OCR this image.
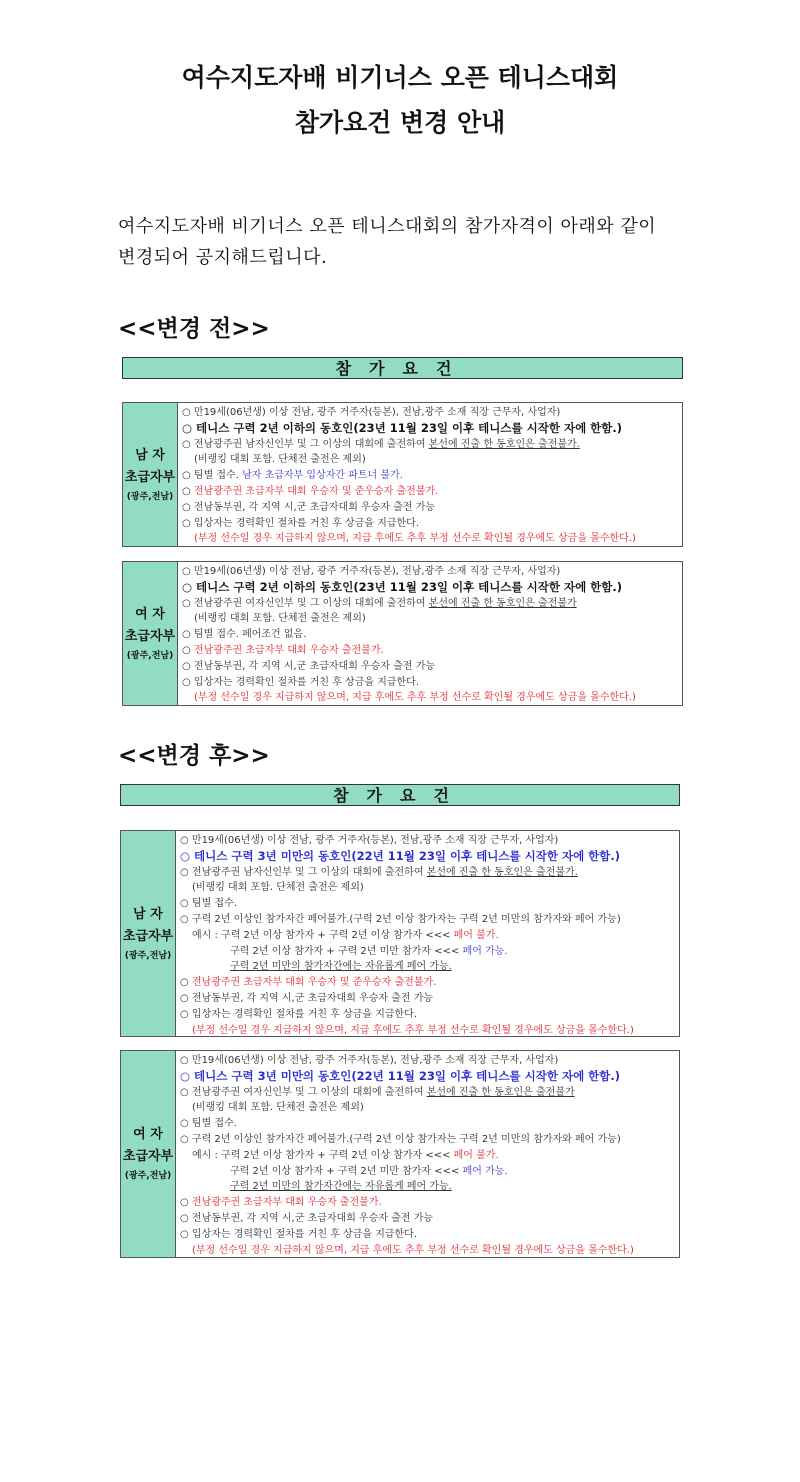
여수지도자배 비기너스 오픈 테니스대회
참가요건 변경 안내
여수지도자배 비기너스 오픈 테니스대회의 참가자격이 아래와 같이
변경되어 공지해드립니다.
<<변경 전>>
참가요건
남 자
초급자부
(광주,전남)
○ 만19세(06년생) 이상 전남, 광주 거주자(등본), 전남,광주 소재 직장 근무자, 사업자)
○ 테니스 구력 2년 이하의 동호인(23년 11월 23일 이후 테니스를 시작한 자에 한함.)
○ 전남광주권 남자신인부 및 그 이상의 대회에 출전하여 본선에 진출 한 동호인은 출전불가.
(비랭킹 대회 포함. 단체전 출전은 제외)
○ 팀별 접수. 남자 초급자부 입상자간 파트너 불가.
○ 전남광주권 초급자부 대회 우승자 및 준우승자 출전불가.
○ 전남동부권, 각 지역 시,군 초급자대회 우승자 출전 가능
○ 입상자는 경력확인 절차를 거친 후 상금을 지급한다.
(부정 선수일 경우 지급하지 않으며, 지급 후에도 추후 부정 선수로 확인될 경우에도 상금을 몰수한다.)
여 자
초급자부
(광주,전남)
○ 만19세(06년생) 이상 전남, 광주 거주자(등본), 전남,광주 소재 직장 근무자, 사업자)
○ 테니스 구력 2년 이하의 동호인(23년 11월 23일 이후 테니스를 시작한 자에 한함.)
○ 전남광주권 여자신인부 및 그 이상의 대회에 출전하여 본선에 진출 한 동호인은 출전불가
(비랭킹 대회 포함. 단체전 출전은 제외)
○ 팀별 접수. 페어조건 없음.
○ 전남광주권 초급자부 대회 우승자 출전불가.
○ 전남동부권, 각 지역 시,군 초급자대회 우승자 출전 가능
○ 입상자는 경력확인 절차를 거친 후 상금을 지급한다.
(부정 선수일 경우 지급하지 않으며, 지급 후에도 추후 부정 선수로 확인될 경우에도 상금을 몰수한다.)
<<변경 후>>
참가요건
남 자
초급자부
(광주,전남)
○ 만19세(06년생) 이상 전남, 광주 거주자(등본), 전남,광주 소재 직장 근무자, 사업자)
○ 테니스 구력 3년 미만의 동호인(22년 11월 23일 이후 테니스를 시작한 자에 한함.)
○ 전남광주권 남자신인부 및 그 이상의 대회에 출전하여 본선에 진출 한 동호인은 출전불가.
(비랭킹 대회 포함. 단체전 출전은 제외)
○ 팀별 접수.
○ 구력 2년 이상인 참가자간 페어불가.(구력 2년 이상 참가자는 구력 2년 미만의 참가자와 페어 가능)
예시 : 구력 2년 이상 참가자 + 구력 2년 이상 참가자 <<< 페어 불가.
구력 2년 이상 참가자 + 구력 2년 미만 참가자 <<< 페어 가능.
구력 2년 미만의 참가자간에는 자유롭게 페어 가능.
○ 전남광주권 초급자부 대회 우승자 및 준우승자 출전불가.
○ 전남동부권, 각 지역 시,군 초급자대회 우승자 출전 가능
○ 입상자는 경력확인 절차를 거친 후 상금을 지급한다.
(부정 선수일 경우 지급하지 않으며, 지급 후에도 추후 부정 선수로 확인될 경우에도 상금을 몰수한다.)
여 자
초급자부
(광주,전남)
○ 만19세(06년생) 이상 전남, 광주 거주자(등본), 전남,광주 소재 직장 근무자, 사업자)
○ 테니스 구력 3년 미만의 동호인(22년 11월 23일 이후 테니스를 시작한 자에 한함.)
○ 전남광주권 여자신인부 및 그 이상의 대회에 출전하여 본선에 진출 한 동호인은 출전불가
(비랭킹 대회 포함. 단체전 출전은 제외)
○ 팀별 접수.
○ 구력 2년 이상인 참가자간 페어불가.(구력 2년 이상 참가자는 구력 2년 미만의 참가자와 페어 가능)
예시 : 구력 2년 이상 참가자 + 구력 2년 이상 참가자 <<< 페어 불가.
구력 2년 이상 참가자 + 구력 2년 미만 참가자 <<< 페어 가능.
구력 2년 미만의 참가자간에는 자유롭게 페어 가능.
○ 전남광주권 초급자부 대회 우승자 출전불가.
○ 전남동부권, 각 지역 시,군 초급자대회 우승자 출전 가능
○ 입상자는 경력확인 절차를 거친 후 상금을 지급한다.
(부정 선수일 경우 지급하지 않으며, 지급 후에도 추후 부정 선수로 확인될 경우에도 상금을 몰수한다.)
